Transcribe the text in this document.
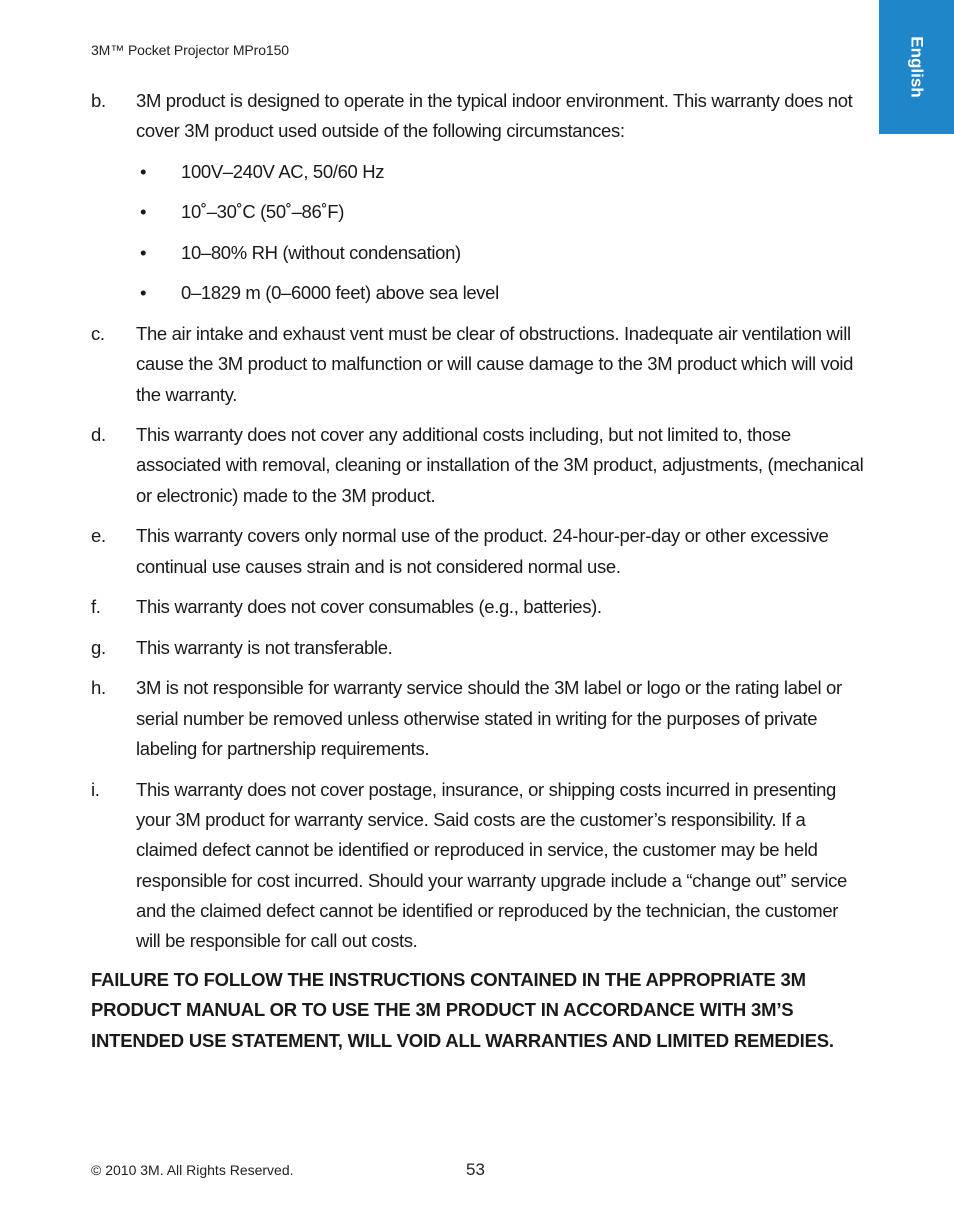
3M™ Pocket Projector MPro150	English
b. 3M product is designed to operate in the typical indoor environment. This warranty does not cover 3M product used outside of the following circumstances:
• 100V–240V AC, 50/60 Hz
• 10˚–30˚C (50˚–86˚F)
• 10–80% RH (without condensation)
• 0–1829 m (0–6000 feet) above sea level
c. The air intake and exhaust vent must be clear of obstructions. Inadequate air ventilation will cause the 3M product to malfunction or will cause damage to the 3M product which will void the warranty.
d. This warranty does not cover any additional costs including, but not limited to, those associated with removal, cleaning or installation of the 3M product, adjustments, (mechanical or electronic) made to the 3M product.
e. This warranty covers only normal use of the product. 24-hour-per-day or other excessive continual use causes strain and is not considered normal use.
f. This warranty does not cover consumables (e.g., batteries).
g. This warranty is not transferable.
h. 3M is not responsible for warranty service should the 3M label or logo or the rating label or serial number be removed unless otherwise stated in writing for the purposes of private labeling for partnership requirements.
i. This warranty does not cover postage, insurance, or shipping costs incurred in presenting your 3M product for warranty service. Said costs are the customer’s responsibility. If a claimed defect cannot be identified or reproduced in service, the customer may be held responsible for cost incurred. Should your warranty upgrade include a “change out” service and the claimed defect cannot be identified or reproduced by the technician, the customer will be responsible for call out costs.

FAILURE TO FOLLOW THE INSTRUCTIONS CONTAINED IN THE APPROPRIATE 3M PRODUCT MANUAL OR TO USE THE 3M PRODUCT IN ACCORDANCE WITH 3M’S INTENDED USE STATEMENT, WILL VOID ALL WARRANTIES AND LIMITED REMEDIES.

© 2010 3M. All Rights Reserved.	53
